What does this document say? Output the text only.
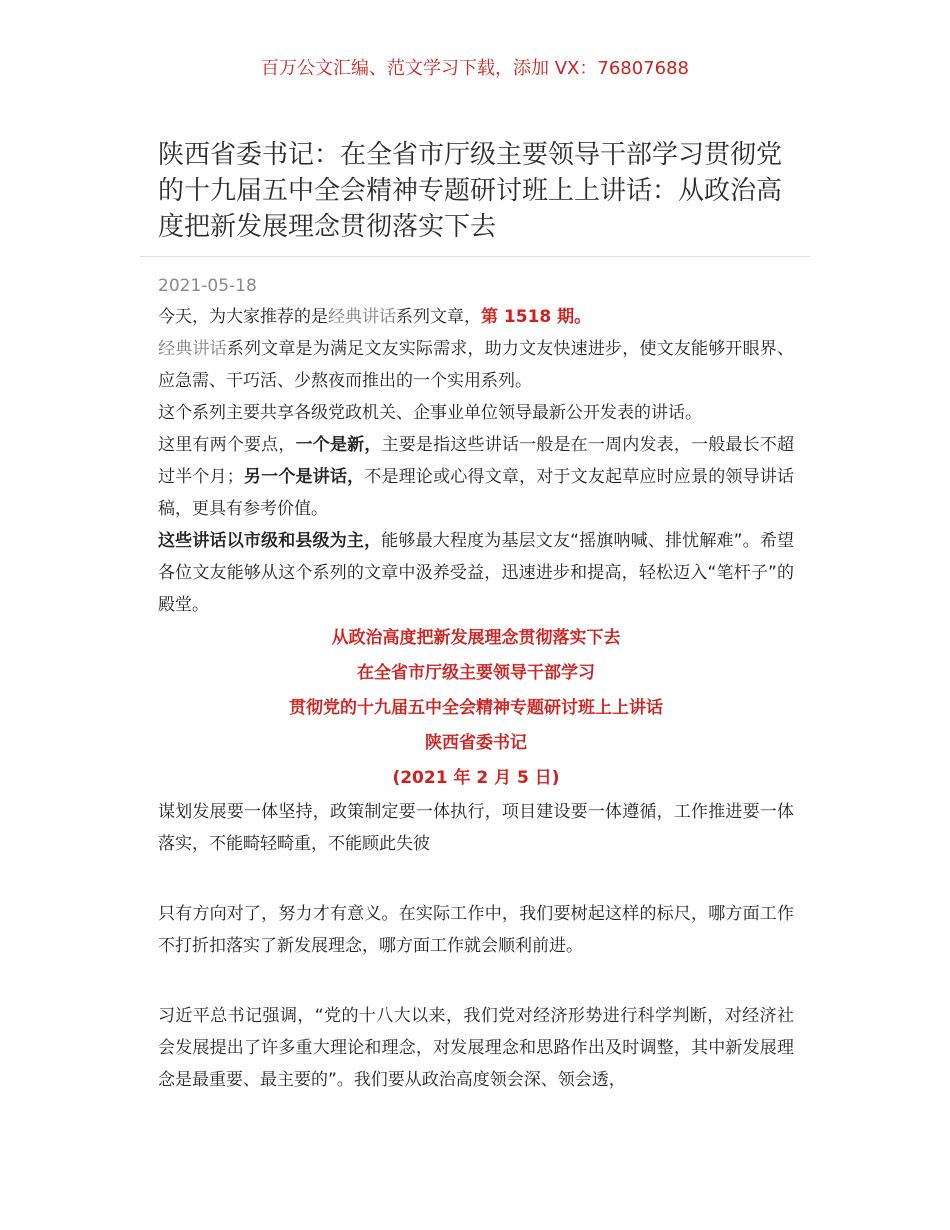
百万公文汇编、范文学习下载，添加 VX：76807688
陕西省委书记：在全省市厅级主要领导干部学习贯彻党的十九届五中全会精神专题研讨班上上讲话：从政治高度把新发展理念贯彻落实下去
2021-05-18

今天，为大家推荐的是经典讲话系列文章，第 1518 期。

经典讲话系列文章是为满足文友实际需求，助力文友快速进步，使文友能够开眼界、应急需、干巧活、少熬夜而推出的一个实用系列。

这个系列主要共享各级党政机关、企事业单位领导最新公开发表的讲话。

这里有两个要点，一个是新，主要是指这些讲话一般是在一周内发表，一般最长不超过半个月；另一个是讲话，不是理论或心得文章，对于文友起草应时应景的领导讲话稿，更具有参考价值。

这些讲话以市级和县级为主，能够最大程度为基层文友“摇旗呐喊、排忧解难”。希望各位文友能够从这个系列的文章中汲养受益，迅速进步和提高，轻松迈入“笔杆子”的殿堂。

从政治高度把新发展理念贯彻落实下去

在全省市厅级主要领导干部学习

贯彻党的十九届五中全会精神专题研讨班上上讲话

陕西省委书记

(2021 年 2 月 5 日)

谋划发展要一体坚持，政策制定要一体执行，项目建设要一体遵循，工作推进要一体落实，不能畸轻畸重，不能顾此失彼

只有方向对了，努力才有意义。在实际工作中，我们要树起这样的标尺，哪方面工作不打折扣落实了新发展理念，哪方面工作就会顺利前进。

习近平总书记强调，“党的十八大以来，我们党对经济形势进行科学判断，对经济社会发展提出了许多重大理论和理念，对发展理念和思路作出及时调整，其中新发展理念是最重要、最主要的”。我们要从政治高度领会深、领会透，
